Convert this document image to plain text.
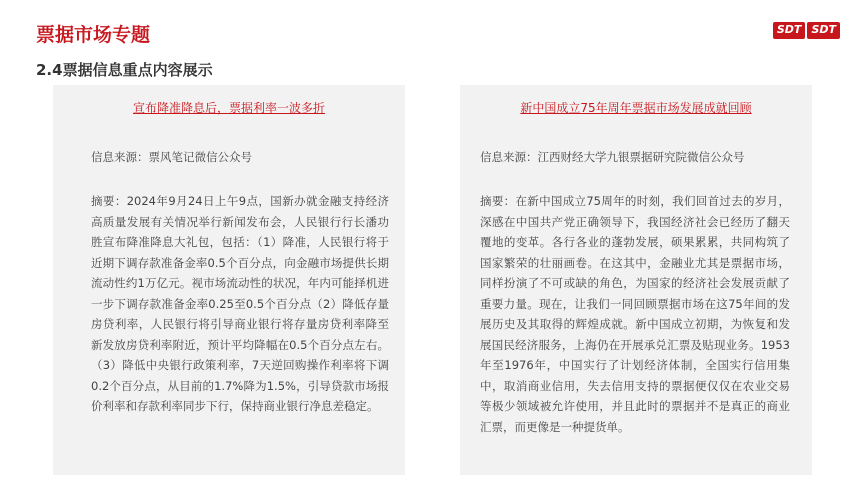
票据市场专题	SDT SDT
2.4票据信息重点内容展示
宣布降准降息后，票据利率一波多折
信息来源：票风笔记微信公众号
摘要：2024年9月24日上午9点，国新办就金融支持经济高质量发展有关情况举行新闻发布会，人民银行行长潘功胜宣布降准降息大礼包，包括：（1）降准，人民银行将于近期下调存款准备金率0.5个百分点，向金融市场提供长期流动性约1万亿元。视市场流动性的状况，年内可能择机进一步下调存款准备金率0.25至0.5个百分点（2）降低存量房贷利率，人民银行将引导商业银行将存量房贷利率降至新发放房贷利率附近，预计平均降幅在0.5个百分点左右。（3）降低中央银行政策利率，7天逆回购操作利率将下调0.2个百分点，从目前的1.7%降为1.5%，引导贷款市场报价利率和存款利率同步下行，保持商业银行净息差稳定。
新中国成立75年周年票据市场发展成就回顾
信息来源：江西财经大学九银票据研究院微信公众号
摘要：在新中国成立75周年的时刻，我们回首过去的岁月，深感在中国共产党正确领导下，我国经济社会已经历了翻天覆地的变革。各行各业的蓬勃发展，硕果累累，共同构筑了国家繁荣的壮丽画卷。在这其中，金融业尤其是票据市场，同样扮演了不可或缺的角色，为国家的经济社会发展贡献了重要力量。现在，让我们一同回顾票据市场在这75年间的发展历史及其取得的辉煌成就。新中国成立初期，为恢复和发展国民经济服务，上海仍在开展承兑汇票及贴现业务。1953年至1976年，中国实行了计划经济体制，全国实行信用集中，取消商业信用，失去信用支持的票据便仅仅在农业交易等极少领域被允许使用，并且此时的票据并不是真正的商业汇票，而更像是一种提货单。
